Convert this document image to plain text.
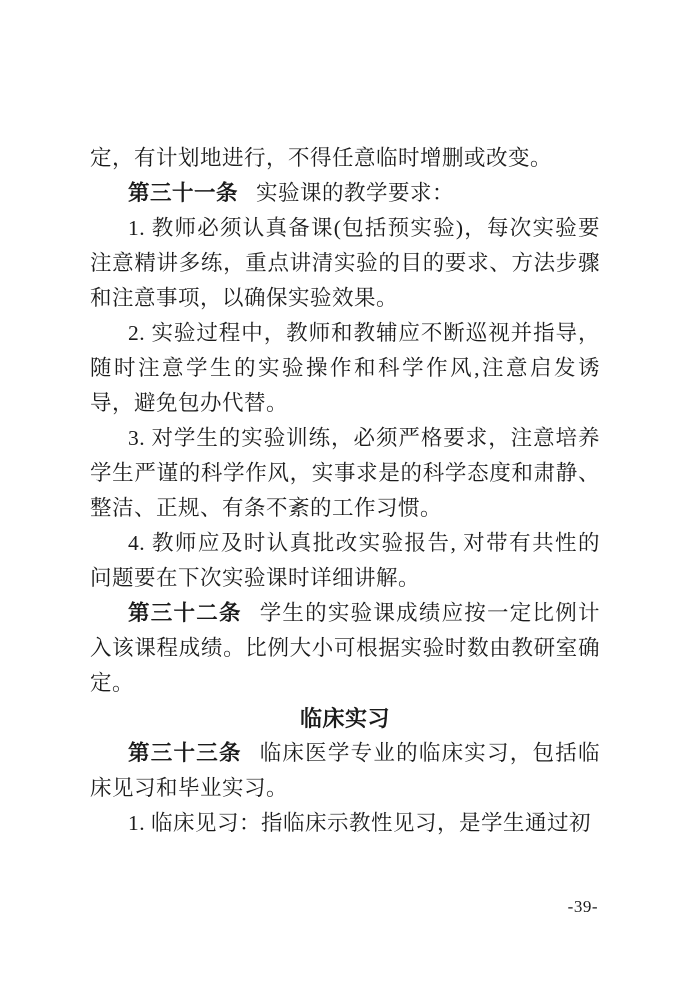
定，有计划地进行，不得任意临时增删或改变。

第三十一条 实验课的教学要求：

1. 教师必须认真备课(包括预实验)，每次实验要注意精讲多练，重点讲清实验的目的要求、方法步骤和注意事项，以确保实验效果。

2. 实验过程中，教师和教辅应不断巡视并指导，随时注意学生的实验操作和科学作风,注意启发诱导，避免包办代替。

3. 对学生的实验训练，必须严格要求，注意培养学生严谨的科学作风，实事求是的科学态度和肃静、整洁、正规、有条不紊的工作习惯。

4. 教师应及时认真批改实验报告, 对带有共性的问题要在下次实验课时详细讲解。

第三十二条 学生的实验课成绩应按一定比例计入该课程成绩。比例大小可根据实验时数由教研室确定。

临床实习

第三十三条 临床医学专业的临床实习，包括临床见习和毕业实习。

1. 临床见习：指临床示教性见习，是学生通过初

-39-
